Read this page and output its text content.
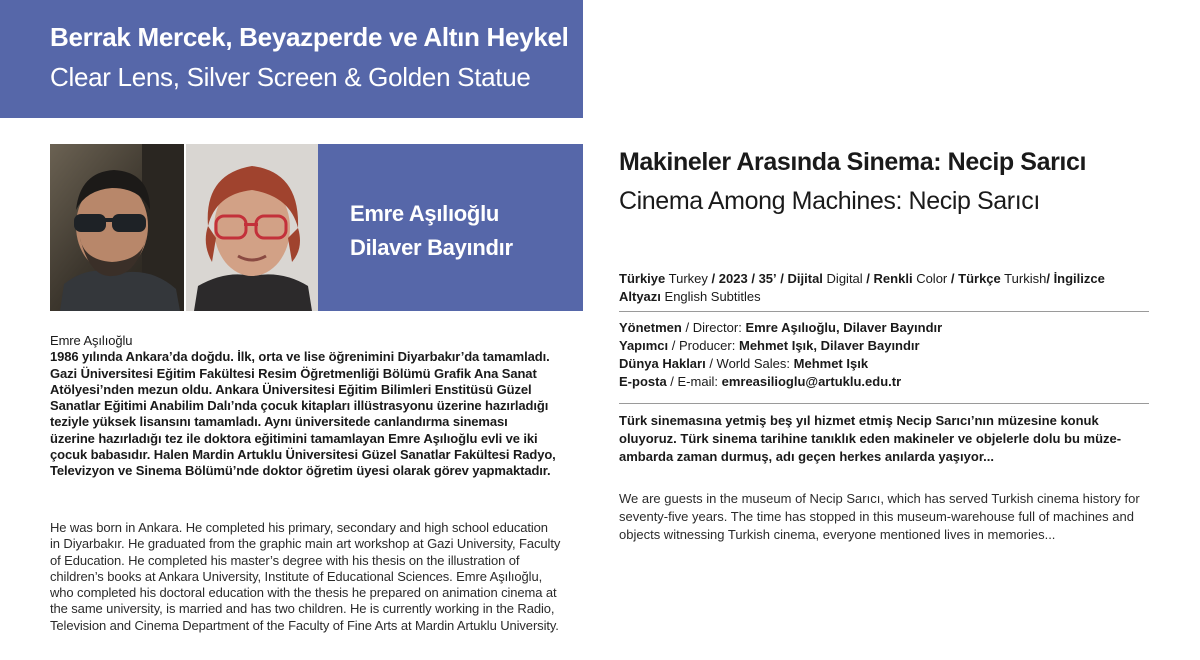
Berrak Mercek, Beyazperde ve Altın Heykel
Clear Lens, Silver Screen & Golden Statue
Emre Aşılıoğlu
Dilaver Bayındır
Emre Aşılıoğlu
1986 yılında Ankara’da doğdu. İlk, orta ve lise öğrenimini Diyarbakır’da tamamladı.
Gazi Üniversitesi Eğitim Fakültesi Resim Öğretmenliği Bölümü Grafik Ana Sanat
Atölyesi’nden mezun oldu. Ankara Üniversitesi Eğitim Bilimleri Enstitüsü Güzel
Sanatlar Eğitimi Anabilim Dalı’nda çocuk kitapları illüstrasyonu üzerine hazırladığı
teziyle yüksek lisansını tamamladı. Aynı üniversitede canlandırma sineması
üzerine hazırladığı tez ile doktora eğitimini tamamlayan Emre Aşılıoğlu evli ve iki
çocuk babasıdır. Halen Mardin Artuklu Üniversitesi Güzel Sanatlar Fakültesi Radyo,
Televizyon ve Sinema Bölümü’nde doktor öğretim üyesi olarak görev yapmaktadır.
He was born in Ankara. He completed his primary, secondary and high school education
in Diyarbakır. He graduated from the graphic main art workshop at Gazi University, Faculty
of Education. He completed his master’s degree with his thesis on the illustration of
children’s books at Ankara University, Institute of Educational Sciences. Emre Aşılıoğlu,
who completed his doctoral education with the thesis he prepared on animation cinema at
the same university, is married and has two children. He is currently working in the Radio,
Television and Cinema Department of the Faculty of Fine Arts at Mardin Artuklu University.
Makineler Arasında Sinema: Necip Sarıcı
Cinema Among Machines: Necip Sarıcı
Türkiye Turkey / 2023 / 35’ / Dijital Digital / Renkli Color / Türkçe Turkish/ İngilizce
Altyazı English Subtitles
Yönetmen / Director: Emre Aşılıoğlu, Dilaver Bayındır
Yapımcı / Producer: Mehmet Işık, Dilaver Bayındır
Dünya Hakları / World Sales: Mehmet Işık
E-posta / E-mail: emreasilioglu@artuklu.edu.tr
Türk sinemasına yetmiş beş yıl hizmet etmiş Necip Sarıcı’nın müzesine konuk
oluyoruz. Türk sinema tarihine tanıklık eden makineler ve objelerle dolu bu müze-
ambarda zaman durmuş, adı geçen herkes anılarda yaşıyor...
We are guests in the museum of Necip Sarıcı, which has served Turkish cinema history for
seventy-five years. The time has stopped in this museum-warehouse full of machines and
objects witnessing Turkish cinema, everyone mentioned lives in memories...
